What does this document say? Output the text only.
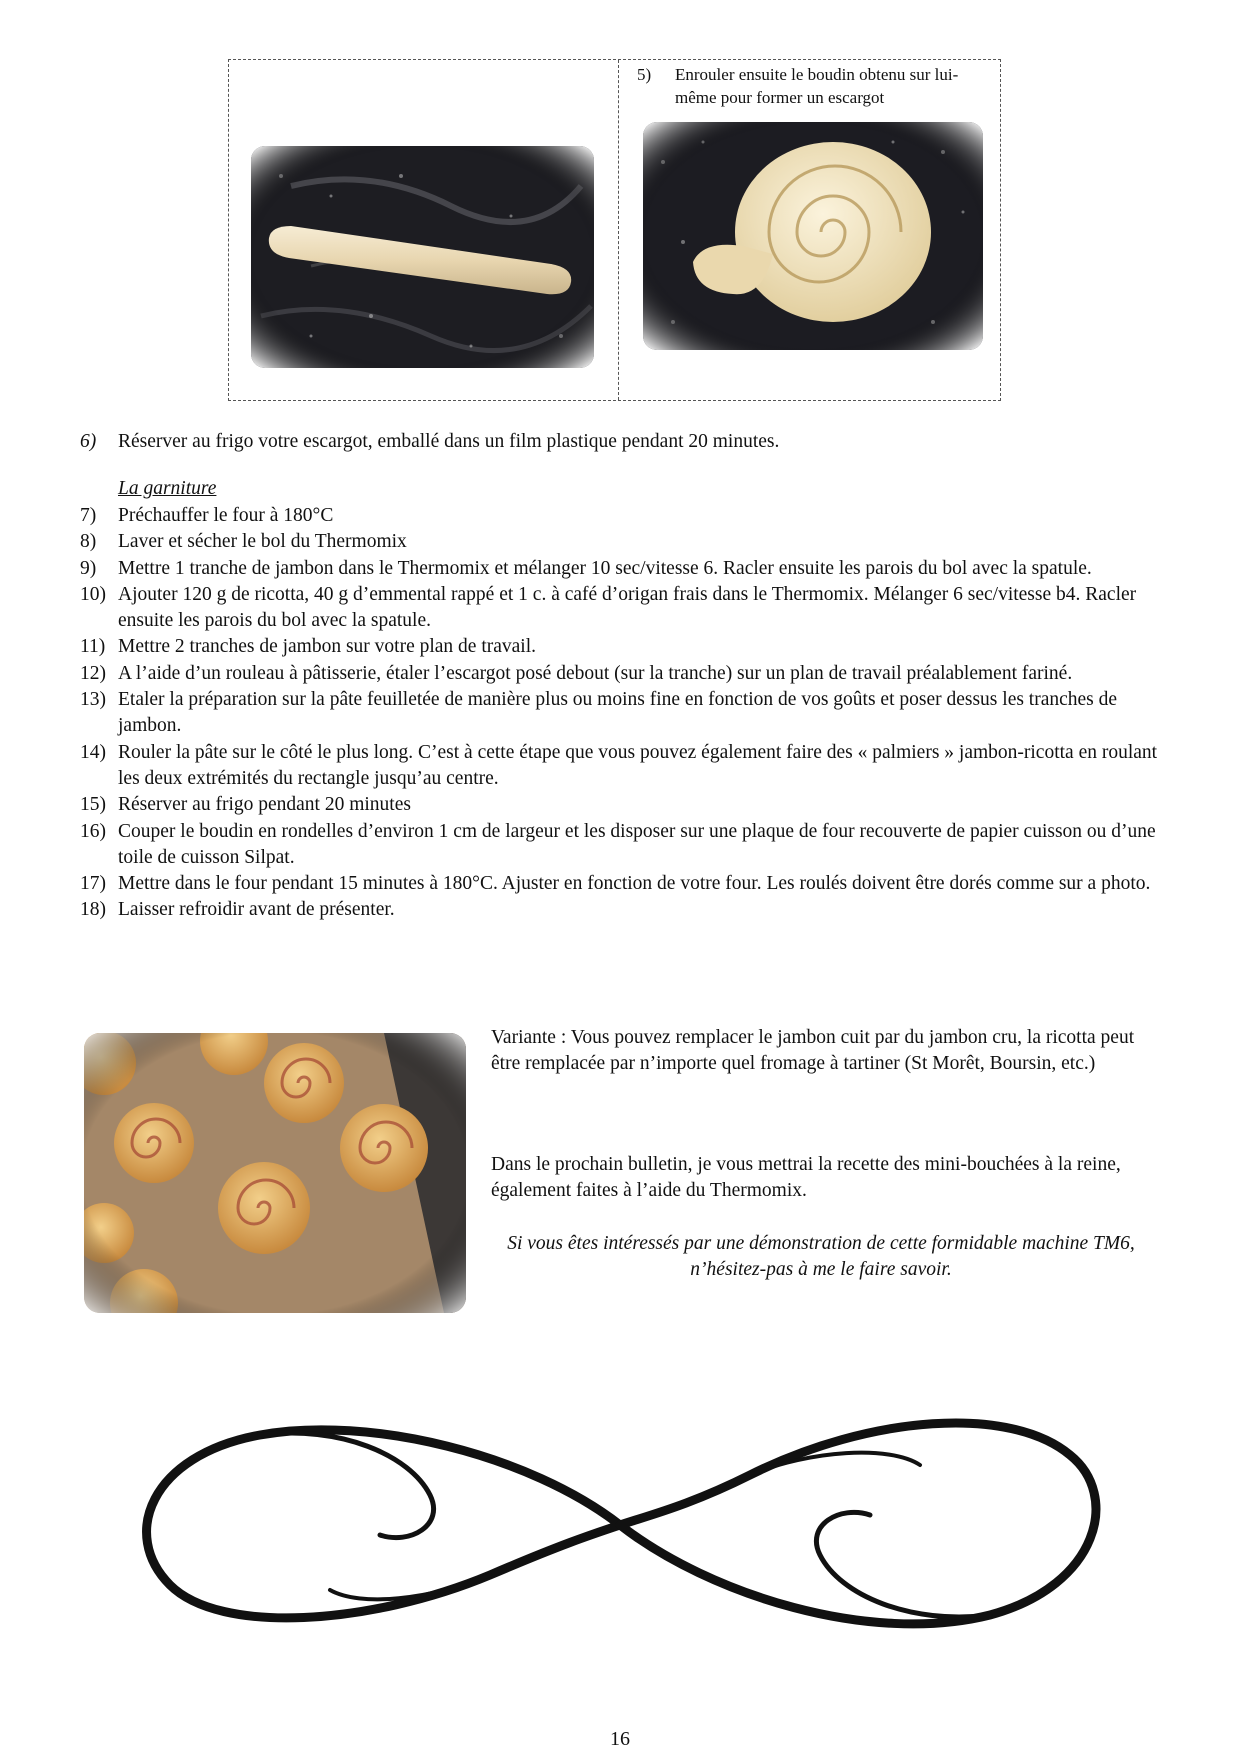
5) Enrouler ensuite le boudin obtenu sur lui-même pour former un escargot
6) Réserver au frigo votre escargot, emballé dans un film plastique pendant 20 minutes.
La garniture
7) Préchauffer le four à 180°C
8) Laver et sécher le bol du Thermomix
9) Mettre 1 tranche de jambon dans le Thermomix et mélanger 10 sec/vitesse 6. Racler ensuite les parois du bol avec la spatule.
10) Ajouter 120 g de ricotta, 40 g d’emmental rappé et 1 c. à café d’origan frais dans le Thermomix. Mélanger 6 sec/vitesse b4. Racler ensuite les parois du bol avec la spatule.
11) Mettre 2 tranches de jambon sur votre plan de travail.
12) A l’aide d’un rouleau à pâtisserie, étaler l’escargot posé debout (sur la tranche) sur un plan de travail préalablement fariné.
13) Etaler la préparation sur la pâte feuilletée de manière plus ou moins fine en fonction de vos goûts et poser dessus les tranches de jambon.
14) Rouler la pâte sur le côté le plus long. C’est à cette étape que vous pouvez également faire des « palmiers » jambon-ricotta en roulant les deux extrémités du rectangle jusqu’au centre.
15) Réserver au frigo pendant 20 minutes
16) Couper le boudin en rondelles d’environ 1 cm de largeur et les disposer sur une plaque de four recouverte de papier cuisson ou d’une toile de cuisson Silpat.
17) Mettre dans le four pendant 15 minutes à 180°C. Ajuster en fonction de votre four. Les roulés doivent être dorés comme sur a photo.
18) Laisser refroidir avant de présenter.
Variante : Vous pouvez remplacer le jambon cuit par du jambon cru, la ricotta peut être remplacée par n’importe quel fromage à tartiner (St Morêt, Boursin, etc.)
Dans le prochain bulletin, je vous mettrai la recette des mini-bouchées à la reine, également faites à l’aide du Thermomix.
Si vous êtes intéressés par une démonstration de cette formidable machine TM6, n’hésitez-pas à me le faire savoir.
16
